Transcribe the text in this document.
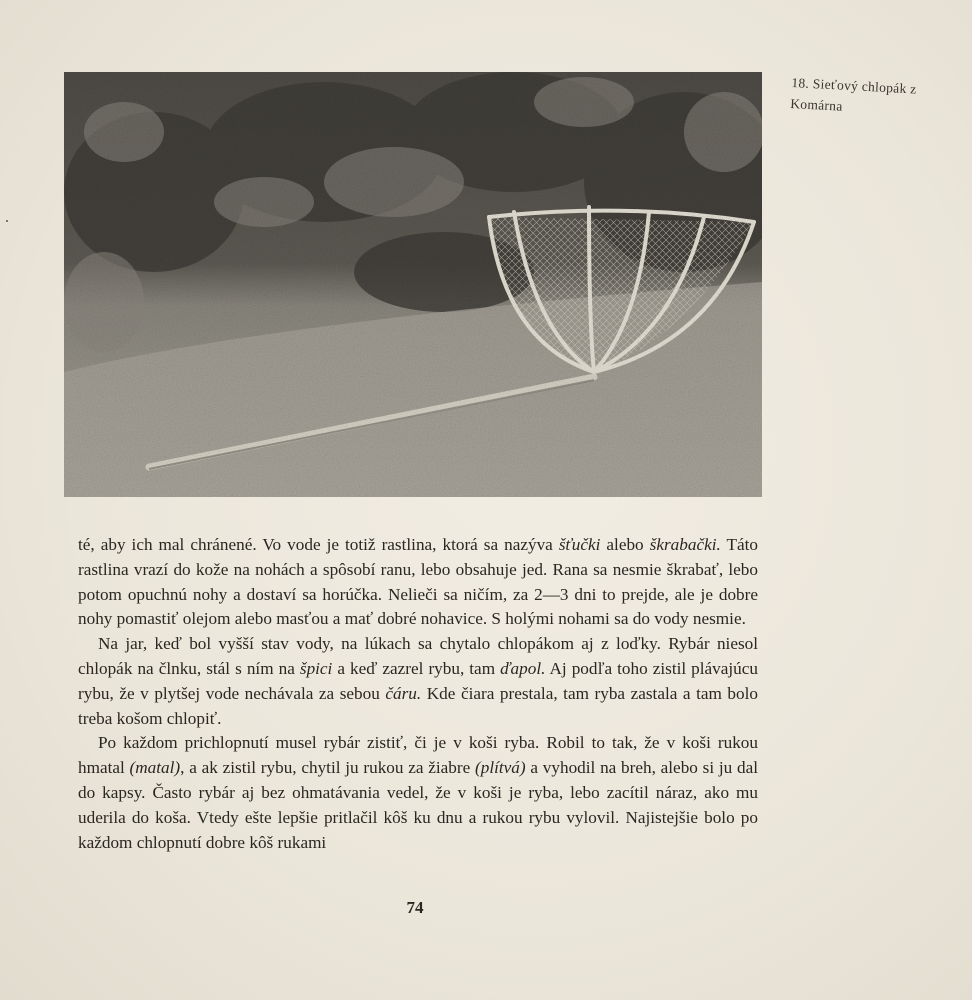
18. Sieťový chlopák z Komárna

té, aby ich mal chránené. Vo vode je totiž rastlina, ktorá sa nazýva šťučki alebo škrabački. Táto rastlina vrazí do kože na nohách a spôsobí ranu, lebo obsahuje jed. Rana sa nesmie škrabať, lebo potom opuchnú nohy a dostaví sa horúčka. Nelieči sa ničím, za 2—3 dni to prejde, ale je dobre nohy pomastiť olejom alebo masťou a mať dobré nohavice. S holými nohami sa do vody nesmie.

Na jar, keď bol vyšší stav vody, na lúkach sa chytalo chlopákom aj z loďky. Rybár niesol chlopák na člnku, stál s ním na špici a keď zazrel rybu, tam ďapol. Aj podľa toho zistil plávajúcu rybu, že v plytšej vode nechávala za sebou čáru. Kde čiara prestala, tam ryba zastala a tam bolo treba košom chlopiť.

Po každom prichlopnutí musel rybár zistiť, či je v koši ryba. Robil to tak, že v koši rukou hmatal (matal), a ak zistil rybu, chytil ju rukou za žiabre (plítvá) a vyhodil na breh, alebo si ju dal do kapsy. Často rybár aj bez ohmatávania vedel, že v koši je ryba, lebo zacítil náraz, ako mu uderila do koša. Vtedy ešte lepšie pritlačil kôš ku dnu a rukou rybu vylovil. Najistejšie bolo po každom chlopnutí dobre kôš rukami

74
